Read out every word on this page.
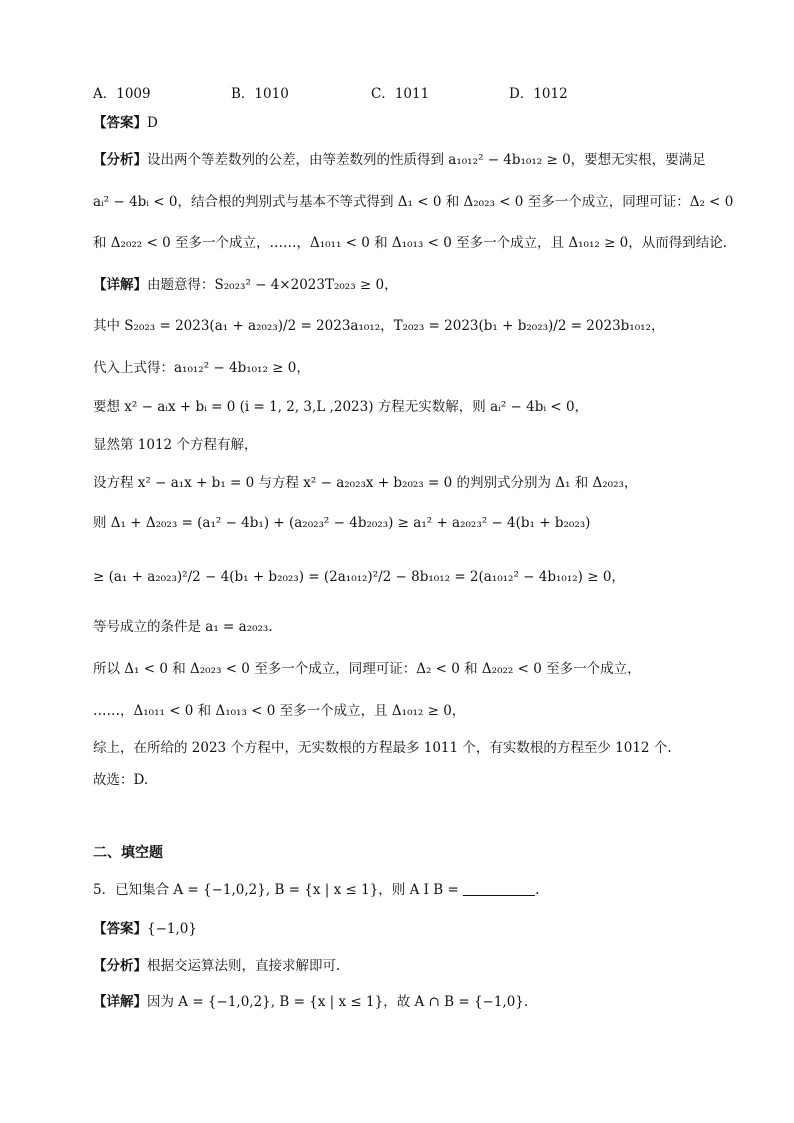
A．1009	B．1010	C．1011	D．1012
【答案】D
【分析】设出两个等差数列的公差，由等差数列的性质得到 a₁₀₁₂² − 4b₁₀₁₂ ≥ 0，要想无实根，要满足
aᵢ² − 4bᵢ < 0，结合根的判别式与基本不等式得到 Δ₁ < 0 和 Δ₂₀₂₃ < 0 至多一个成立，同理可证：Δ₂ < 0
和 Δ₂₀₂₂ < 0 至多一个成立，……，Δ₁₀₁₁ < 0 和 Δ₁₀₁₃ < 0 至多一个成立，且 Δ₁₀₁₂ ≥ 0，从而得到结论.
【详解】由题意得：S₂₀₂₃² − 4×2023T₂₀₂₃ ≥ 0，
其中 S₂₀₂₃ = 2023(a₁ + a₂₀₂₃)/2 = 2023a₁₀₁₂，T₂₀₂₃ = 2023(b₁ + b₂₀₂₃)/2 = 2023b₁₀₁₂，
代入上式得：a₁₀₁₂² − 4b₁₀₁₂ ≥ 0，
要想 x² − aᵢx + bᵢ = 0 (i = 1, 2, 3,L ,2023) 方程无实数解，则 aᵢ² − 4bᵢ < 0，
显然第 1012 个方程有解，
设方程 x² − a₁x + b₁ = 0 与方程 x² − a₂₀₂₃x + b₂₀₂₃ = 0 的判别式分别为 Δ₁ 和 Δ₂₀₂₃，
则 Δ₁ + Δ₂₀₂₃ = (a₁² − 4b₁) + (a₂₀₂₃² − 4b₂₀₂₃) ≥ a₁² + a₂₀₂₃² − 4(b₁ + b₂₀₂₃)
≥ (a₁ + a₂₀₂₃)²/2 − 4(b₁ + b₂₀₂₃) = (2a₁₀₁₂)²/2 − 8b₁₀₁₂ = 2(a₁₀₁₂² − 4b₁₀₁₂) ≥ 0，
等号成立的条件是 a₁ = a₂₀₂₃.
所以 Δ₁ < 0 和 Δ₂₀₂₃ < 0 至多一个成立，同理可证：Δ₂ < 0 和 Δ₂₀₂₂ < 0 至多一个成立，
……，Δ₁₀₁₁ < 0 和 Δ₁₀₁₃ < 0 至多一个成立，且 Δ₁₀₁₂ ≥ 0，
综上，在所给的 2023 个方程中，无实数根的方程最多 1011 个，有实数根的方程至少 1012 个.
故选：D.
二、填空题
5．已知集合 A = {−1,0,2}, B = {x | x ≤ 1}，则 A I B =	.
【答案】{−1,0}
【分析】根据交运算法则，直接求解即可.
【详解】因为 A = {−1,0,2}, B = {x | x ≤ 1}，故 A ∩ B = {−1,0}.
